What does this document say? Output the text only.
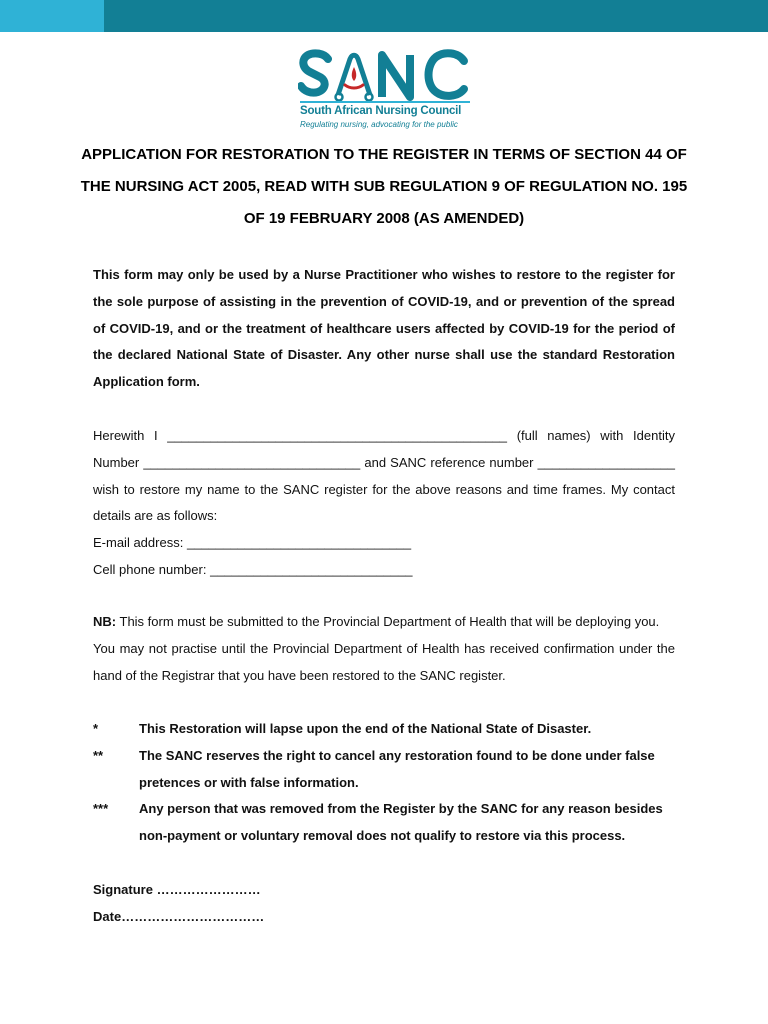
South African Nursing Council
Regulating nursing, advocating for the public
APPLICATION FOR RESTORATION TO THE REGISTER IN TERMS OF SECTION 44 OF THE NURSING ACT 2005, READ WITH SUB REGULATION 9 OF REGULATION NO. 195 OF 19 FEBRUARY 2008 (AS AMENDED)

This form may only be used by a Nurse Practitioner who wishes to restore to the register for the sole purpose of assisting in the prevention of COVID-19, and or prevention of the spread of COVID-19, and or the treatment of healthcare users affected by COVID-19 for the period of the declared National State of Disaster. Any other nurse shall use the standard Restoration Application form.

Herewith I _______________________________________________ (full names) with Identity Number ______________________________ and SANC reference number ___________________ wish to restore my name to the SANC register for the above reasons and time frames. My contact details are as follows:
E-mail address: _______________________________
Cell phone number: ____________________________
NB: This form must be submitted to the Provincial Department of Health that will be deploying you.
You may not practise until the Provincial Department of Health has received confirmation under the hand of the Registrar that you have been restored to the SANC register.
*	This Restoration will lapse upon the end of the National State of Disaster.
**	The SANC reserves the right to cancel any restoration found to be done under false pretences or with false information.
*** Any person that was removed from the Register by the SANC for any reason besides non-payment or voluntary removal does not qualify to restore via this process.
Signature ……………………
Date……………………………
